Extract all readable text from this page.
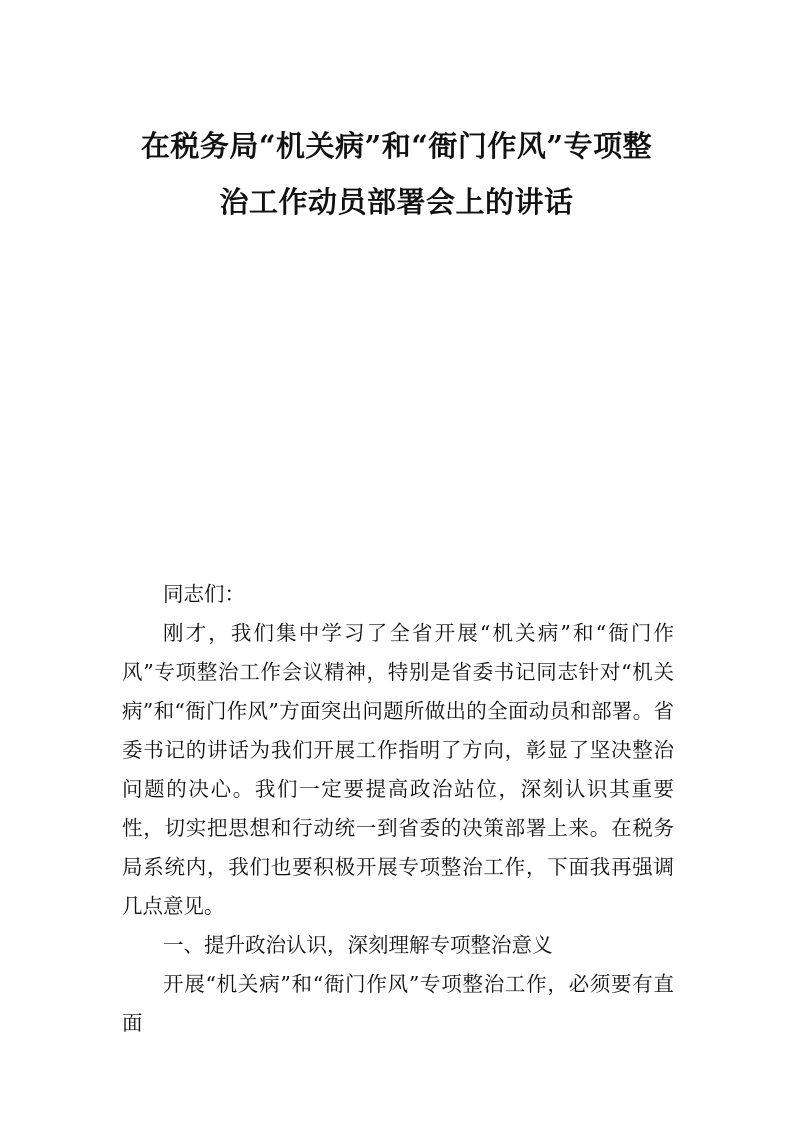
在税务局“机关病”和“衙门作风”专项整
治工作动员部署会上的讲话

同志们：

刚才，我们集中学习了全省开展“机关病”和“衙门作风”专项整治工作会议精神，特别是省委书记同志针对“机关病”和“衙门作风”方面突出问题所做出的全面动员和部署。省委书记的讲话为我们开展工作指明了方向，彰显了坚决整治问题的决心。我们一定要提高政治站位，深刻认识其重要性，切实把思想和行动统一到省委的决策部署上来。在税务局系统内，我们也要积极开展专项整治工作，下面我再强调几点意见。

一、提升政治认识，深刻理解专项整治意义

开展“机关病”和“衙门作风”专项整治工作，必须要有直面
